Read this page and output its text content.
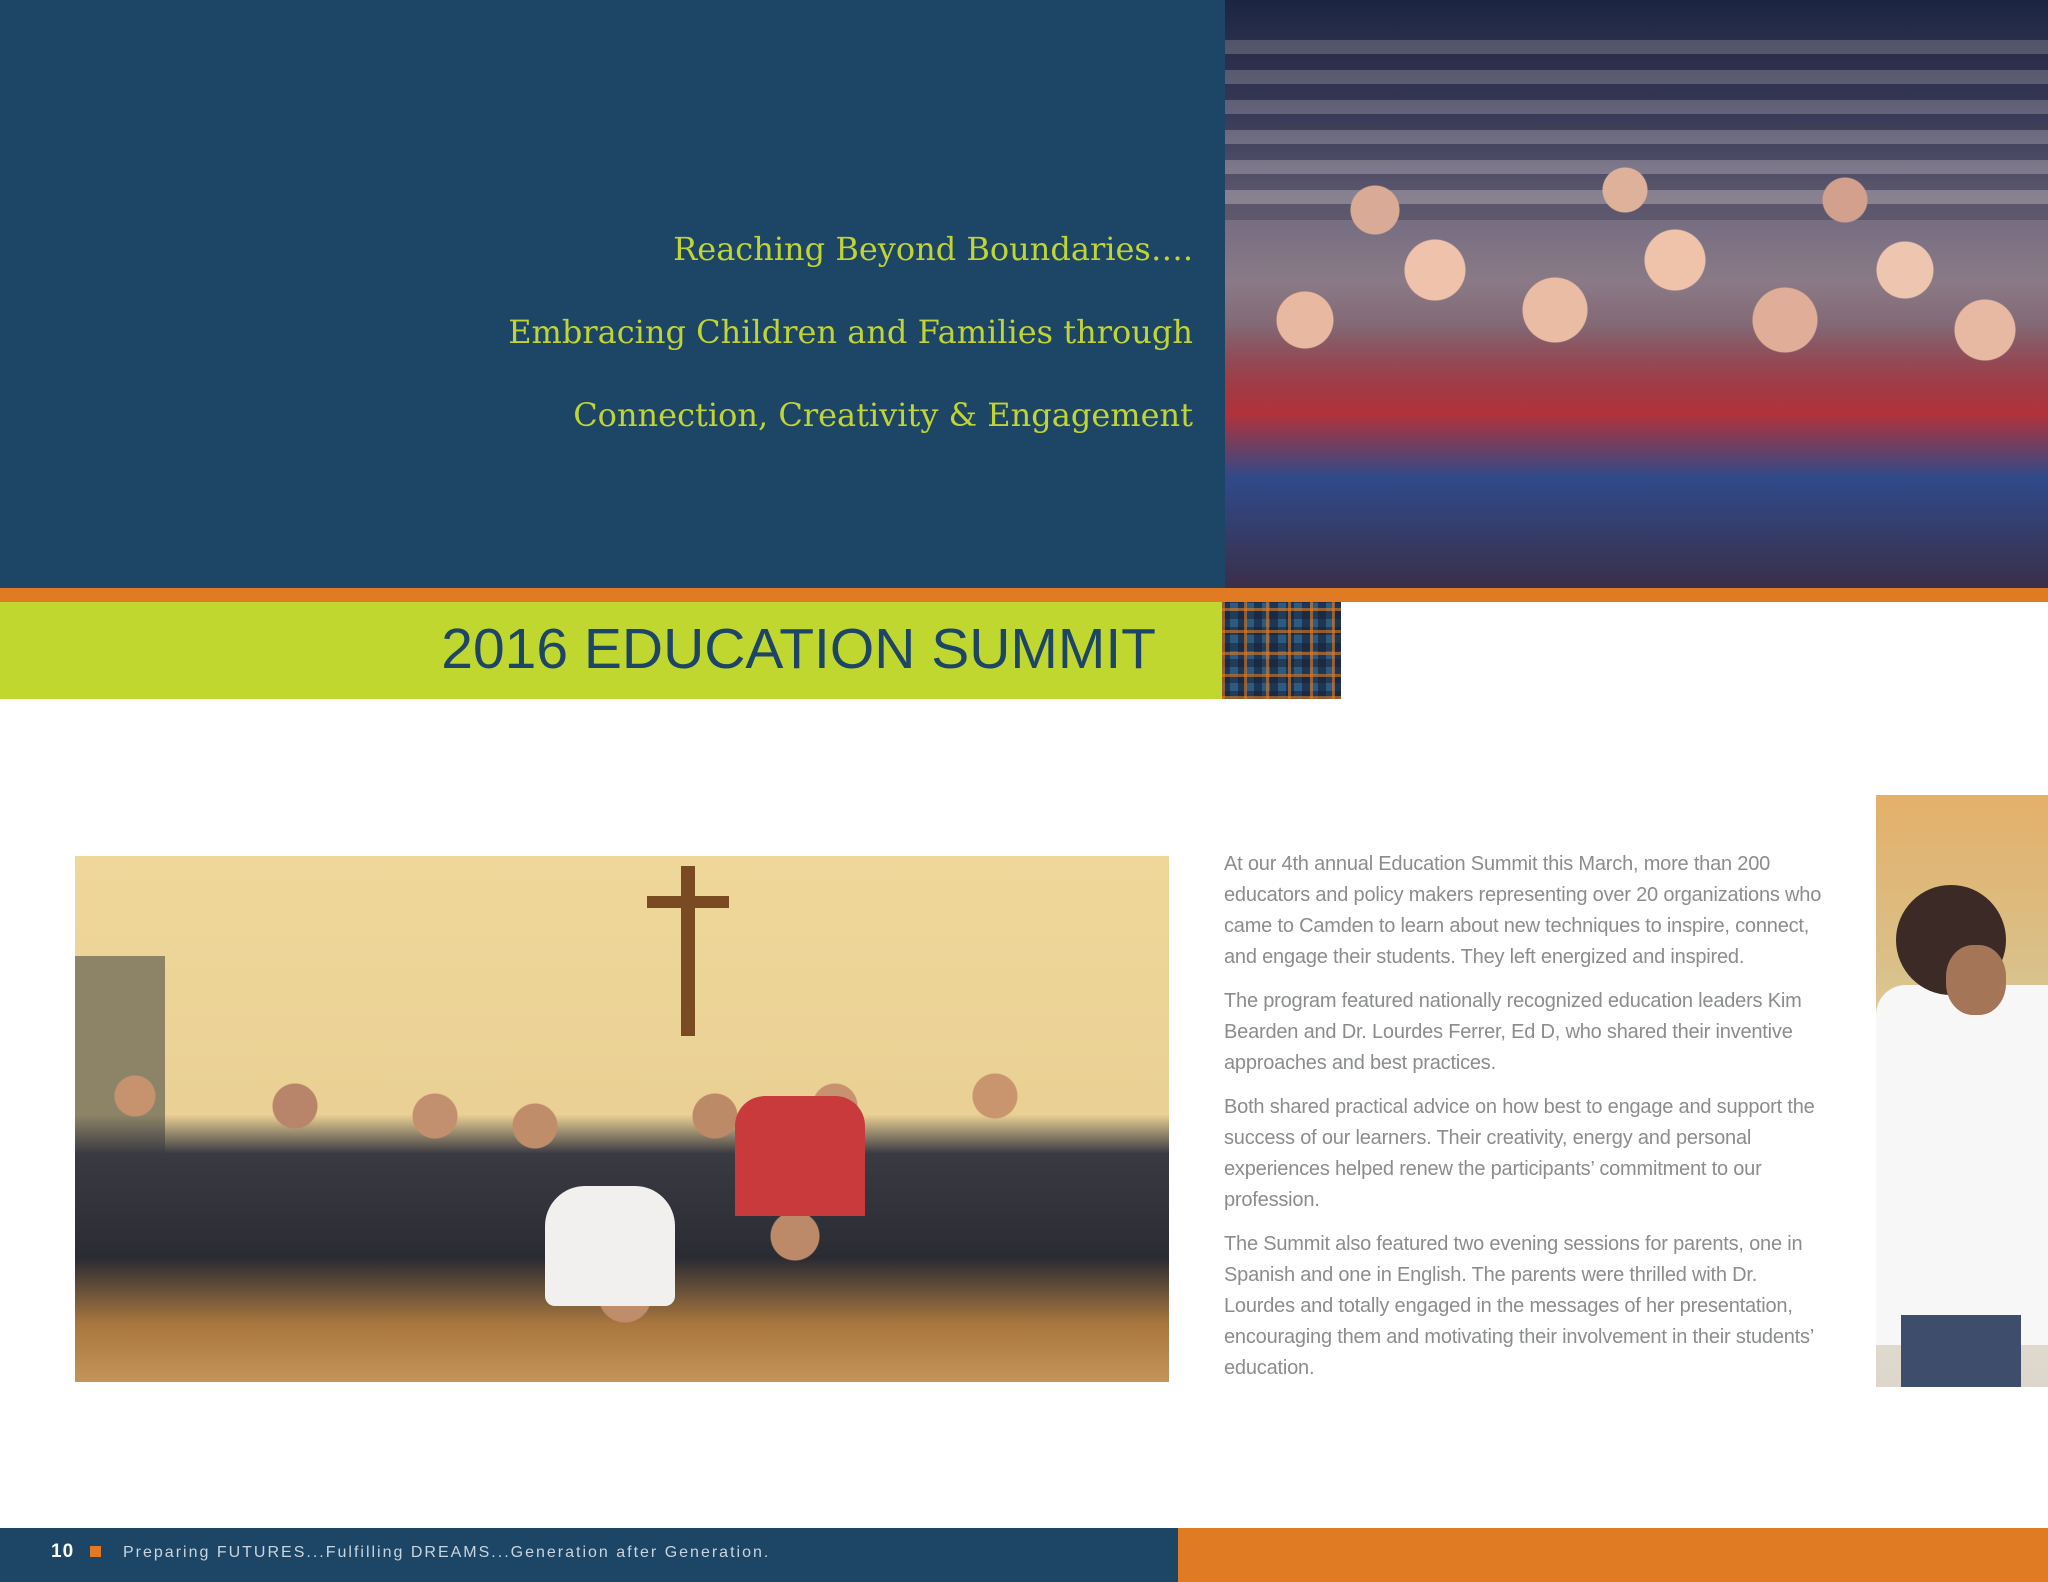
Reaching Beyond Boundaries….
Embracing Children and Families through
Connection, Creativity & Engagement
2016 EDUCATION SUMMIT

At our 4th annual Education Summit this March, more than 200 educators and policy makers representing over 20 organizations who came to Camden to learn about new techniques to inspire, connect, and engage their students. They left energized and inspired.

The program featured nationally recognized education leaders Kim Bearden and Dr. Lourdes Ferrer, Ed D, who shared their inventive approaches and best practices.

Both shared practical advice on how best to engage and support the success of our learners. Their creativity, energy and personal experiences helped renew the participants’ commitment to our profession.

The Summit also featured two evening sessions for parents, one in Spanish and one in English. The parents were thrilled with Dr. Lourdes and totally engaged in the messages of her presentation, encouraging them and motivating their involvement in their students’ education.

10	Preparing FUTURES...Fulfilling DREAMS...Generation after Generation.
